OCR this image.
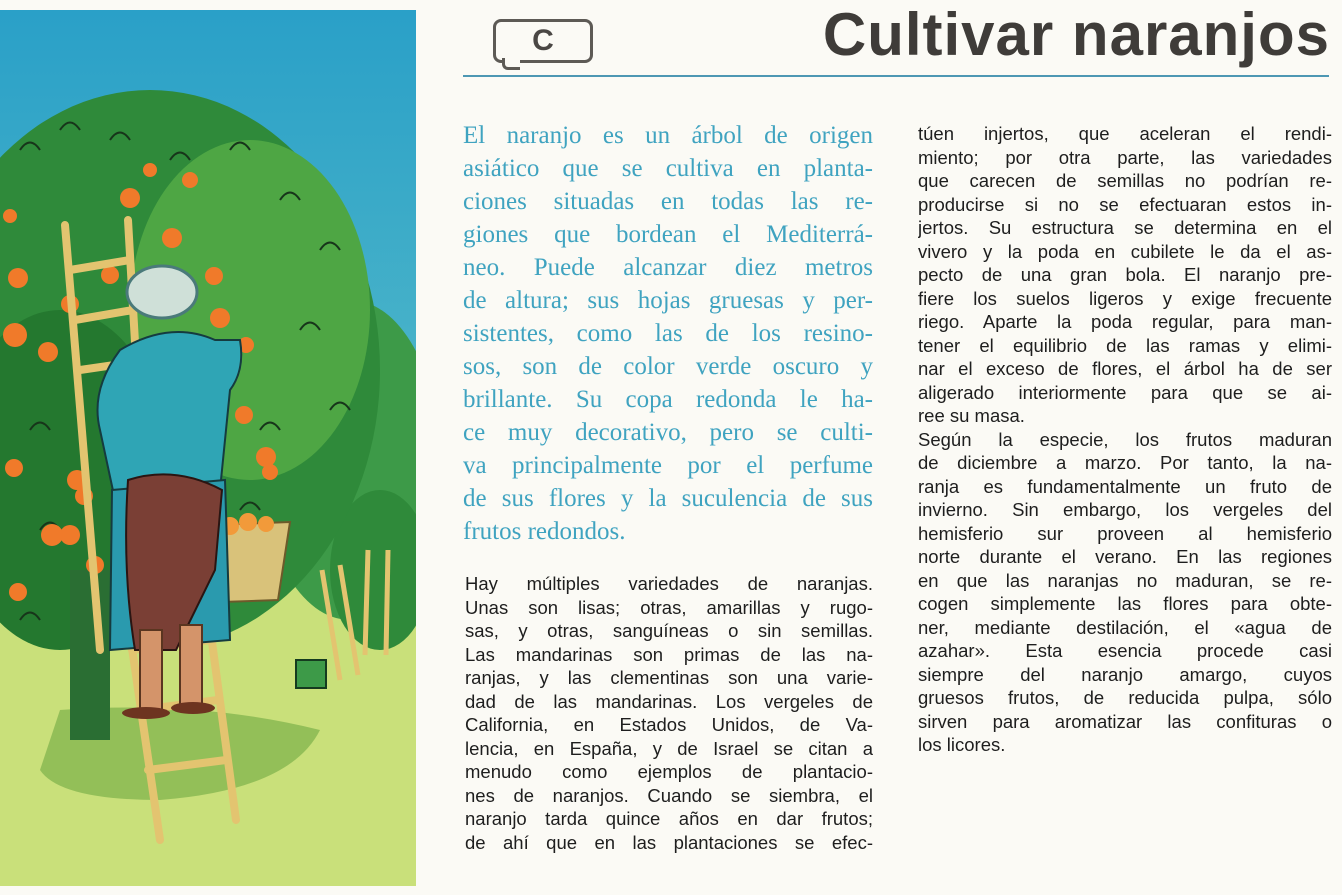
C	Cultivar naranjos
El naranjo es un árbol de origen
asiático que se cultiva en planta-
ciones situadas en todas las re-
giones que bordean el Mediterrá-
neo. Puede alcanzar diez metros
de altura; sus hojas gruesas y per-
sistentes, como las de los resino-
sos, son de color verde oscuro y
brillante. Su copa redonda le ha-
ce muy decorativo, pero se culti-
va principalmente por el perfume
de sus flores y la suculencia de sus
frutos redondos.
Hay múltiples variedades de naranjas.
Unas son lisas; otras, amarillas y rugo-
sas, y otras, sanguíneas o sin semillas.
Las mandarinas son primas de las na-
ranjas, y las clementinas son una varie-
dad de las mandarinas. Los vergeles de
California, en Estados Unidos, de Va-
lencia, en España, y de Israel se citan a
menudo como ejemplos de plantacio-
nes de naranjos. Cuando se siembra, el
naranjo tarda quince años en dar frutos;
de ahí que en las plantaciones se efec-
túen injertos, que aceleran el rendi-
miento; por otra parte, las variedades
que carecen de semillas no podrían re-
producirse si no se efectuaran estos in-
jertos. Su estructura se determina en el
vivero y la poda en cubilete le da el as-
pecto de una gran bola. El naranjo pre-
fiere los suelos ligeros y exige frecuente
riego. Aparte la poda regular, para man-
tener el equilibrio de las ramas y elimi-
nar el exceso de flores, el árbol ha de ser
aligerado interiormente para que se ai-
ree su masa.
Según la especie, los frutos maduran
de diciembre a marzo. Por tanto, la na-
ranja es fundamentalmente un fruto de
invierno. Sin embargo, los vergeles del
hemisferio sur proveen al hemisferio
norte durante el verano. En las regiones
en que las naranjas no maduran, se re-
cogen simplemente las flores para obte-
ner, mediante destilación, el «agua de
azahar». Esta esencia procede casi
siempre del naranjo amargo, cuyos
gruesos frutos, de reducida pulpa, sólo
sirven para aromatizar las confituras o
los licores.
